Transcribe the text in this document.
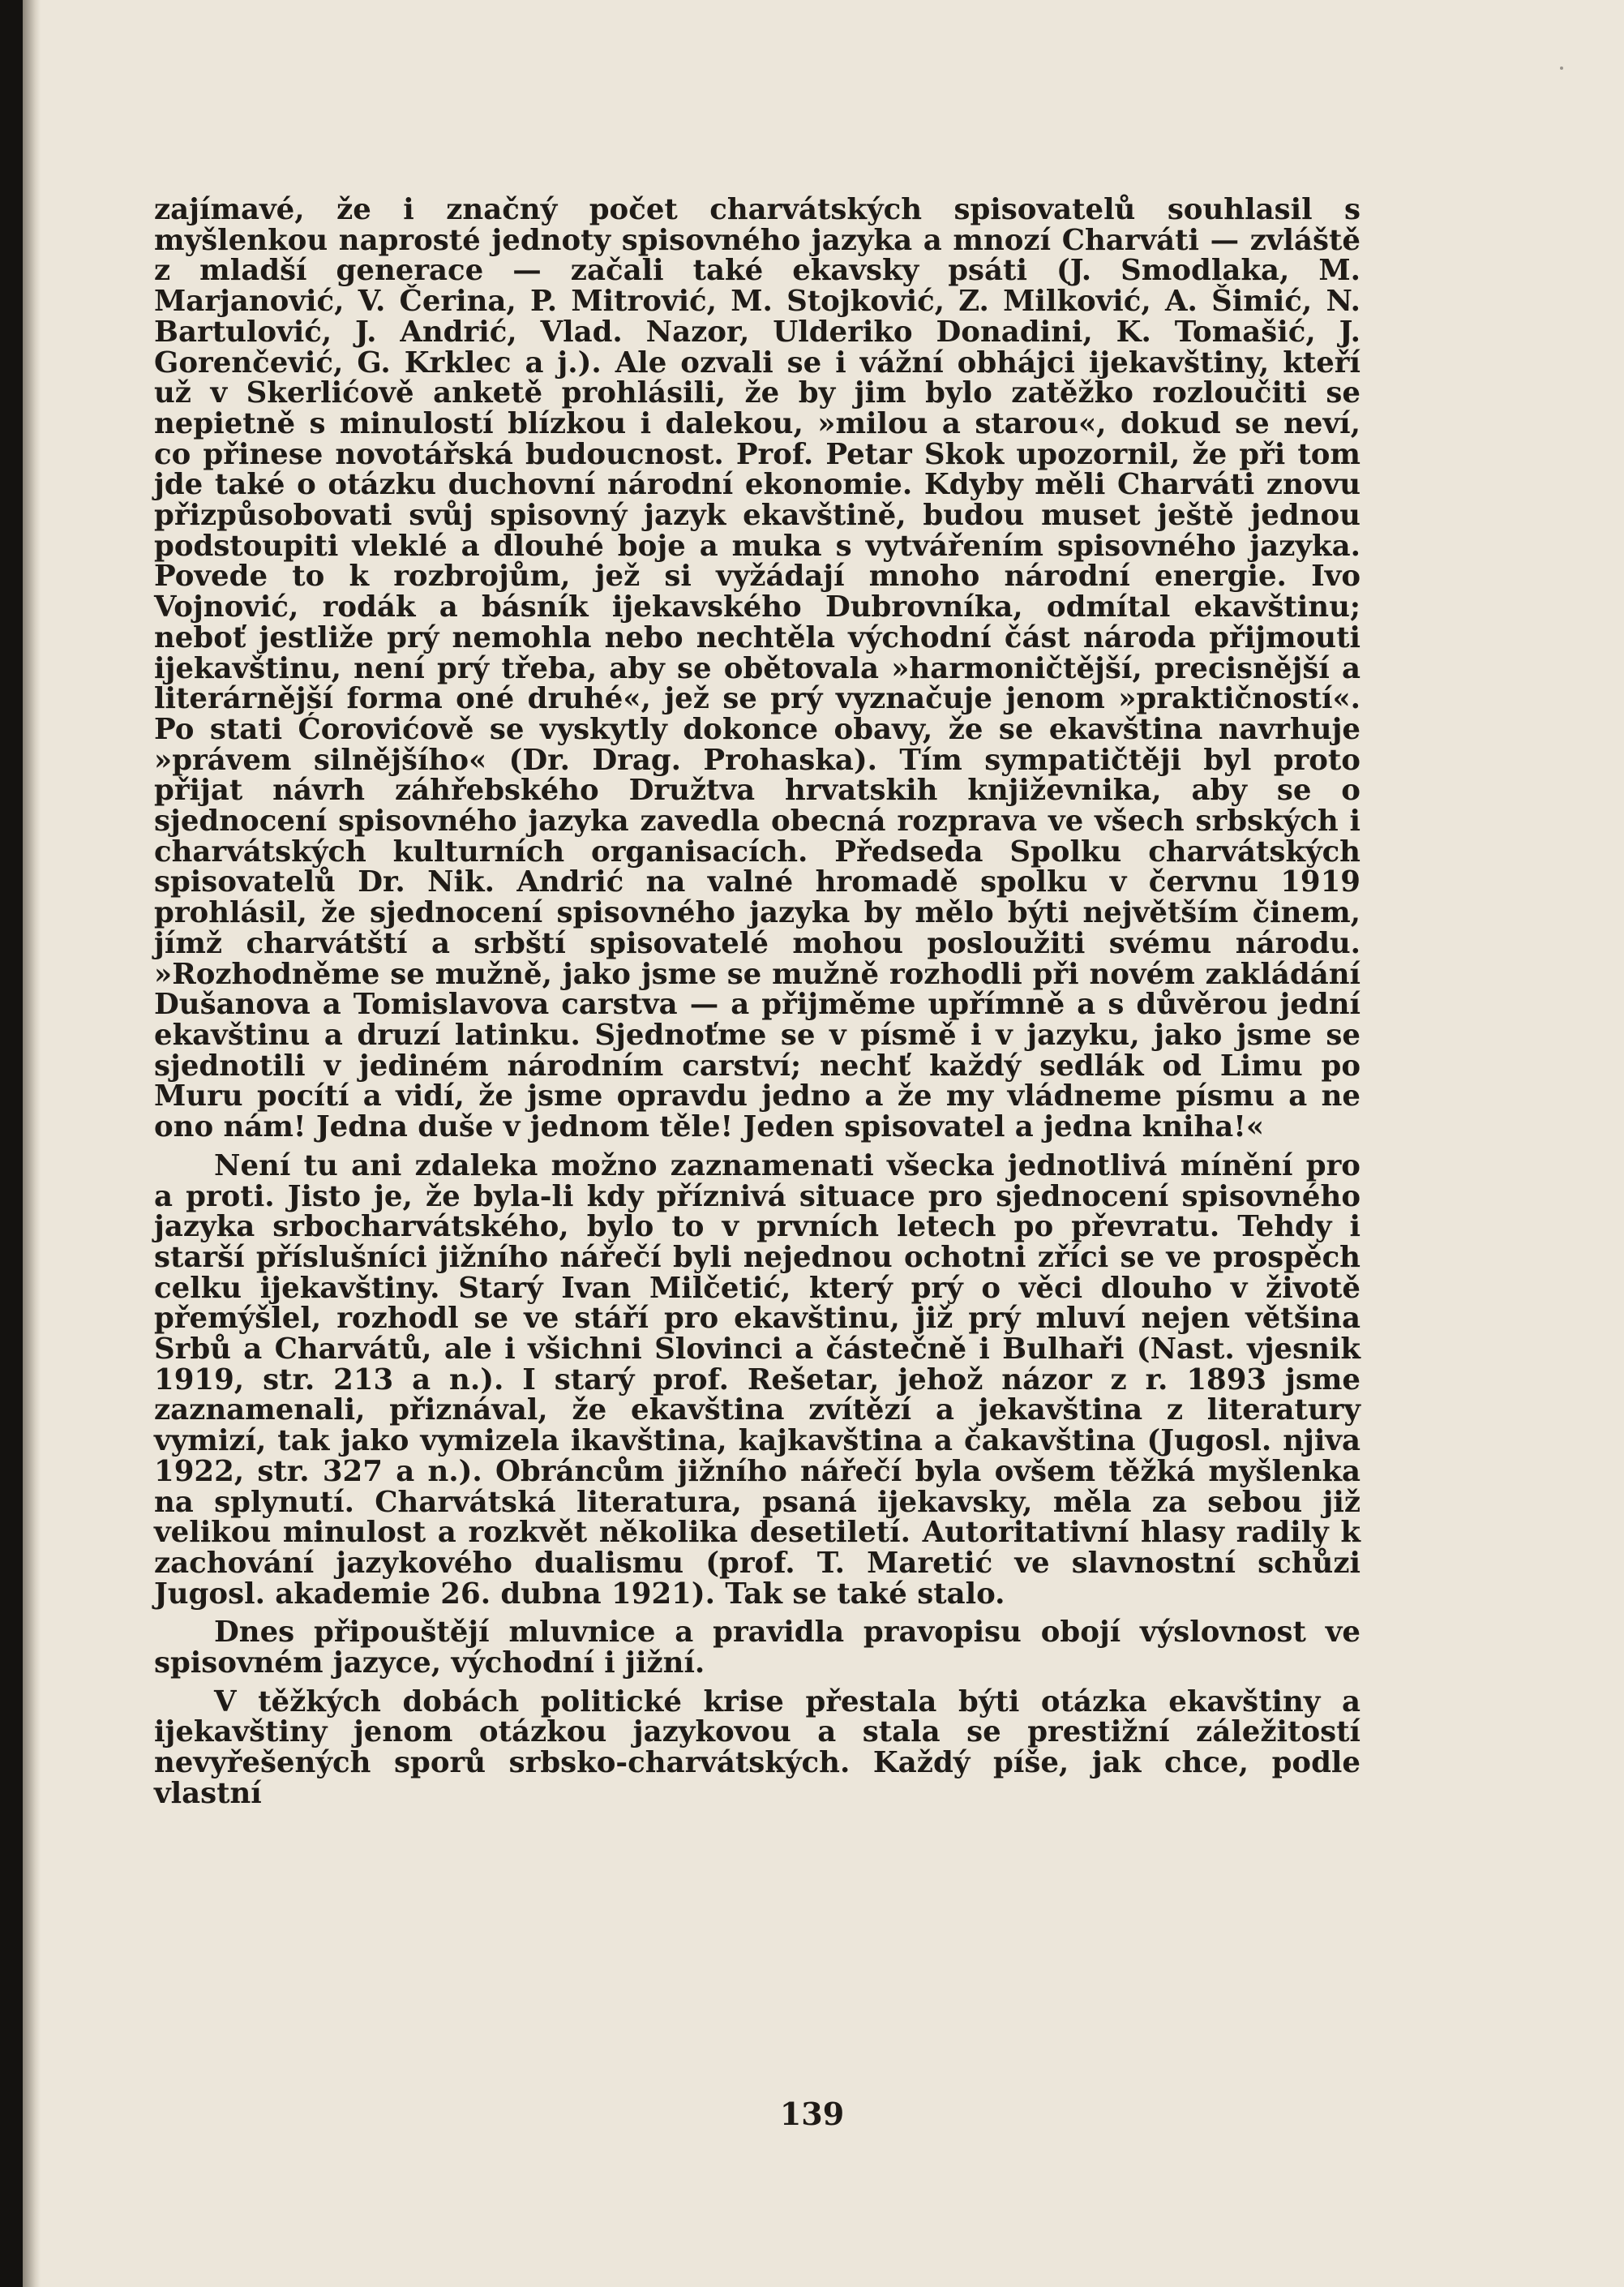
zajímavé, že i značný počet charvátských spisovatelů souhlasil s myšlenkou naprosté jednoty spisovného jazyka a mnozí Charváti — zvláště z mladší generace — začali také ekavsky psáti (J. Smodlaka, M. Marjanović, V. Čerina, P. Mitrović, M. Stojković, Z. Milković, A. Šimić, N. Bartulović, J. Andrić, Vlad. Nazor, Ulderiko Donadini, K. Tomašić, J. Gorenčević, G. Krklec a j.). Ale ozvali se i vážní obhájci ijekavštiny, kteří už v Skerlićově anketě prohlásili, že by jim bylo zatěžko rozloučiti se nepietně s minulostí blízkou i dalekou, »milou a starou«, dokud se neví, co přinese novotářská budoucnost. Prof. Petar Skok upozornil, že při tom jde také o otázku duchovní národní ekonomie. Kdyby měli Charváti znovu přizpůsobovati svůj spisovný jazyk ekavštině, budou muset ještě jednou podstoupiti vleklé a dlouhé boje a muka s vytvářením spisovného jazyka. Povede to k rozbrojům, jež si vyžádají mnoho národní energie. Ivo Vojnović, rodák a básník ijekavského Dubrovníka, odmítal ekavštinu; neboť jestliže prý nemohla nebo nechtěla východní část národa přijmouti ijekavštinu, není prý třeba, aby se obětovala »harmoničtější, precisnější a literárnější forma oné druhé«, jež se prý vyznačuje jenom »praktičností«. Po stati Ćorovićově se vyskytly dokonce obavy, že se ekavština navrhuje »právem silnějšího« (Dr. Drag. Prohaska). Tím sympatičtěji byl proto přijat návrh záhřebského Družtva hrvatskih književnika, aby se o sjednocení spisovného jazyka zavedla obecná rozprava ve všech srbských i charvátských kulturních organisacích. Předseda Spolku charvátských spisovatelů Dr. Nik. Andrić na valné hromadě spolku v červnu 1919 prohlásil, že sjednocení spisovného jazyka by mělo býti největším činem, jímž charvátští a srbští spisovatelé mohou posloužiti svému národu. »Rozhodněme se mužně, jako jsme se mužně rozhodli při novém zakládání Dušanova a Tomislavova carstva — a přijměme upřímně a s důvěrou jední ekavštinu a druzí latinku. Sjednoťme se v písmě i v jazyku, jako jsme se sjednotili v jediném národním carství; nechť každý sedlák od Limu po Muru pocítí a vidí, že jsme opravdu jedno a že my vládneme písmu a ne ono nám! Jedna duše v jednom těle! Jeden spisovatel a jedna kniha!«

Není tu ani zdaleka možno zaznamenati všecka jednotlivá mínění pro a proti. Jisto je, že byla-li kdy příznivá situace pro sjednocení spisovného jazyka srbocharvátského, bylo to v prvních letech po převratu. Tehdy i starší příslušníci jižního nářečí byli nejednou ochotni zříci se ve prospěch celku ijekavštiny. Starý Ivan Milčetić, který prý o věci dlouho v životě přemýšlel, rozhodl se ve stáří pro ekavštinu, již prý mluví nejen většina Srbů a Charvátů, ale i všichni Slovinci a částečně i Bulhaři (Nast. vjesnik 1919, str. 213 a n.). I starý prof. Rešetar, jehož názor z r. 1893 jsme zaznamenali, přiznával, že ekavština zvítězí a jekavština z literatury vymizí, tak jako vymizela ikavština, kajkavština a čakavština (Jugosl. njiva 1922, str. 327 a n.). Obráncům jižního nářečí byla ovšem těžká myšlenka na splynutí. Charvátská literatura, psaná ijekavsky, měla za sebou již velikou minulost a rozkvět několika desetiletí. Autoritativní hlasy radily k zachování jazykového dualismu (prof. T. Maretić ve slavnostní schůzi Jugosl. akademie 26. dubna 1921). Tak se také stalo.

Dnes připouštějí mluvnice a pravidla pravopisu obojí výslovnost ve spisovném jazyce, východní i jižní.

V těžkých dobách politické krise přestala býti otázka ekavštiny a ijekavštiny jenom otázkou jazykovou a stala se prestižní záležitostí nevyřešených sporů srbsko-charvátských. Každý píše, jak chce, podle vlastní

139
